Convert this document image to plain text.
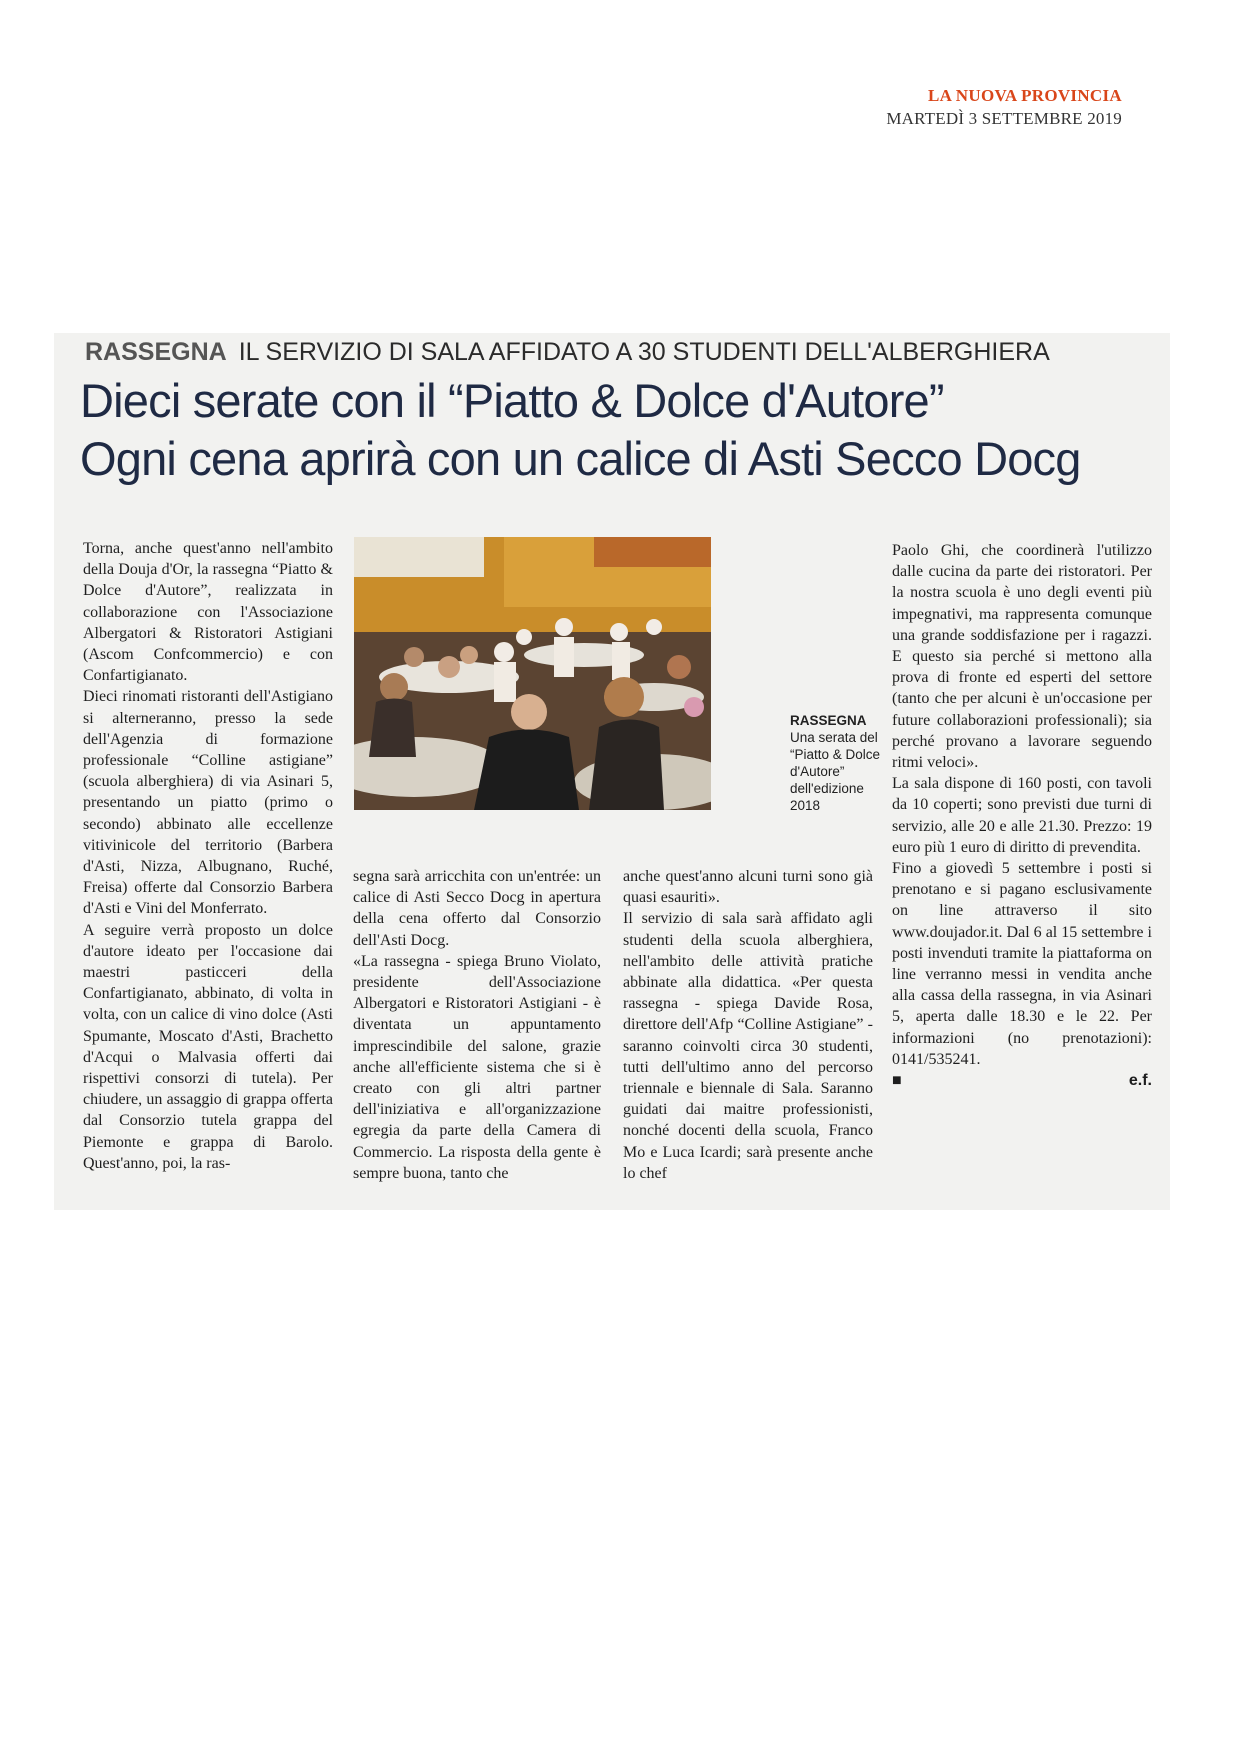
LA NUOVA PROVINCIA
MARTEDÌ 3 SETTEMBRE 2019
RASSEGNA IL SERVIZIO DI SALA AFFIDATO A 30 STUDENTI DELL'ALBERGHIERA
Dieci serate con il “Piatto & Dolce d'Autore”
Ogni cena aprirà con un calice di Asti Secco Docg

Torna, anche quest'anno nell'ambito della Douja d'Or, la rassegna “Piatto & Dolce d'Autore”, realizzata in collaborazione con l'Associazione Albergatori & Ristoratori Astigiani (Ascom Confcommercio) e con Confartigianato.

Dieci rinomati ristoranti dell'Astigiano si alterneranno, presso la sede dell'Agenzia di formazione professionale “Colline astigiane” (scuola alberghiera) di via Asinari 5, presentando un piatto (primo o secondo) abbinato alle eccellenze vitivinicole del territorio (Barbera d'Asti, Nizza, Albugnano, Ruché, Freisa) offerte dal Consorzio Barbera d'Asti e Vini del Monferrato.

A seguire verrà proposto un dolce d'autore ideato per l'occasione dai maestri pasticceri della Confartigianato, abbinato, di volta in volta, con un calice di vino dolce (Asti Spumante, Moscato d'Asti, Brachetto d'Acqui o Malvasia offerti dai rispettivi consorzi di tutela). Per chiudere, un assaggio di grappa offerta dal Consorzio tutela grappa del Piemonte e grappa di Barolo. Quest'anno, poi, la ras-

RASSEGNA
Una serata del “Piatto & Dolce d'Autore” dell'edizione 2018

segna sarà arricchita con un'entrée: un calice di Asti Secco Docg in apertura della cena offerto dal Consorzio dell'Asti Docg.

«La rassegna - spiega Bruno Violato, presidente dell'Associazione Albergatori e Ristoratori Astigiani - è diventata un appuntamento imprescindibile del salone, grazie anche all'efficiente sistema che si è creato con gli altri partner dell'iniziativa e all'organizzazione egregia da parte della Camera di Commercio. La risposta della gente è sempre buona, tanto che

anche quest'anno alcuni turni sono già quasi esauriti».

Il servizio di sala sarà affidato agli studenti della scuola alberghiera, nell'ambito delle attività pratiche abbinate alla didattica. «Per questa rassegna - spiega Davide Rosa, direttore dell'Afp “Colline Astigiane” - saranno coinvolti circa 30 studenti, tutti dell'ultimo anno del percorso triennale e biennale di Sala. Saranno guidati dai maitre professionisti, nonché docenti della scuola, Franco Mo e Luca Icardi; sarà presente anche lo chef

Paolo Ghi, che coordinerà l'utilizzo dalle cucina da parte dei ristoratori. Per la nostra scuola è uno degli eventi più impegnativi, ma rappresenta comunque una grande soddisfazione per i ragazzi. E questo sia perché si mettono alla prova di fronte ed esperti del settore (tanto che per alcuni è un'occasione per future collaborazioni professionali); sia perché provano a lavorare seguendo ritmi veloci».

La sala dispone di 160 posti, con tavoli da 10 coperti; sono previsti due turni di servizio, alle 20 e alle 21.30. Prezzo: 19 euro più 1 euro di diritto di prevendita.

Fino a giovedì 5 settembre i posti si prenotano e si pagano esclusivamente on line attraverso il sito www.doujador.it. Dal 6 al 15 settembre i posti invenduti tramite la piattaforma on line verranno messi in vendita anche alla cassa della rassegna, in via Asinari 5, aperta dalle 18.30 e le 22. Per informazioni (no prenotazioni): 0141/535241.

■	e.f.
